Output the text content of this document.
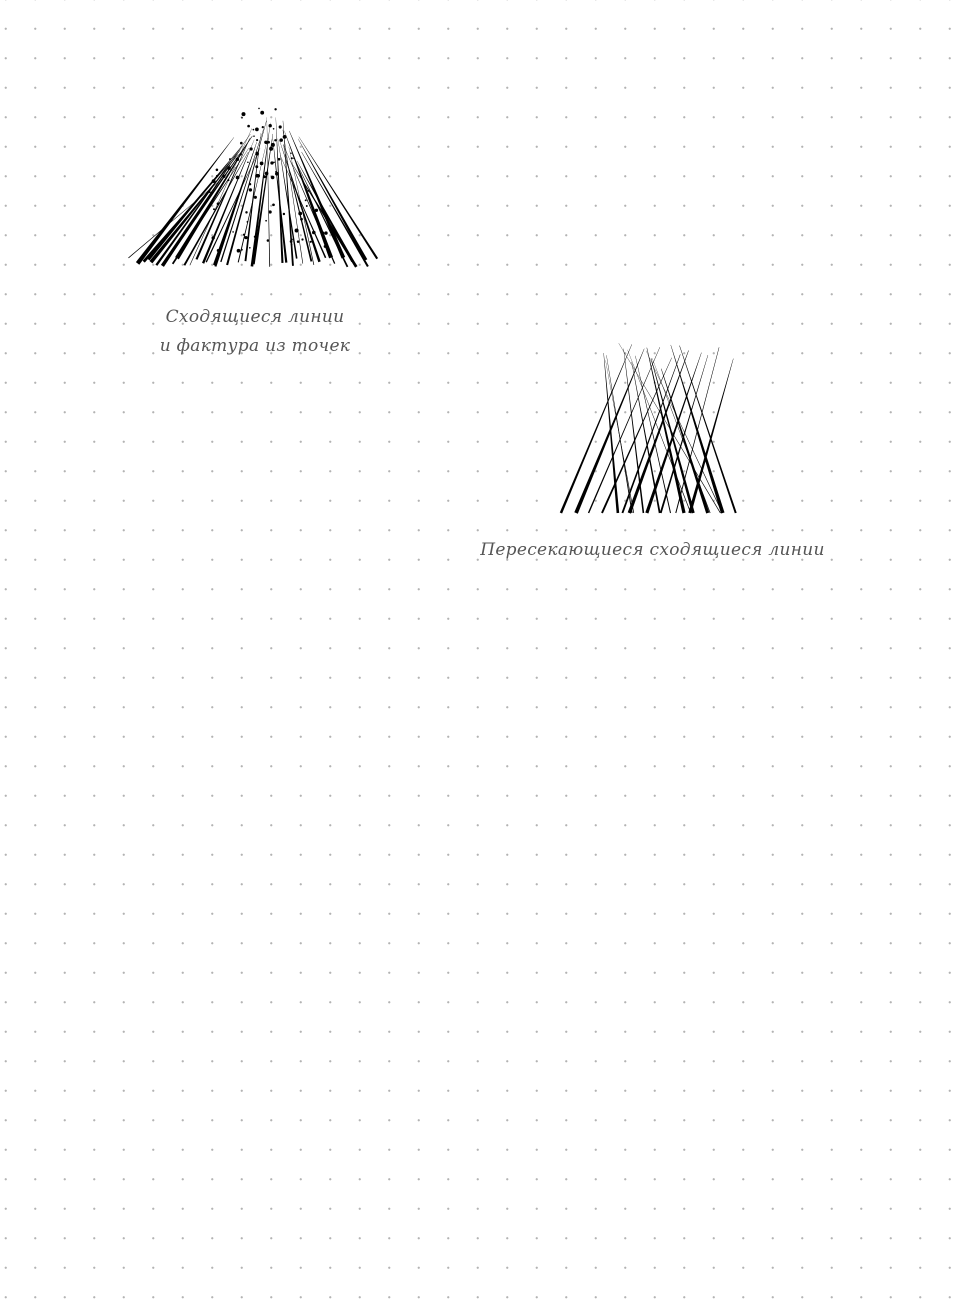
Сходящиеся линии
и фактура из точек
Пересекающиеся сходящиеся линии
